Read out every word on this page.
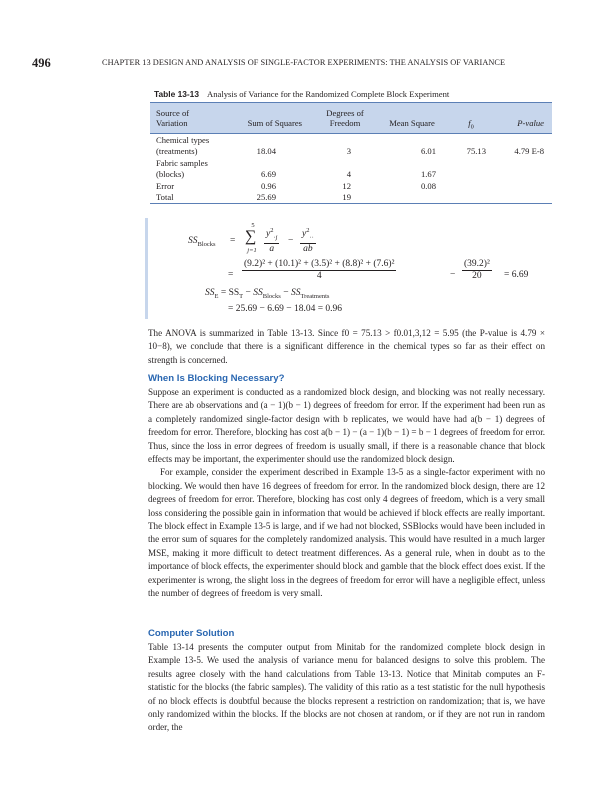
496	CHAPTER 13 DESIGN AND ANALYSIS OF SINGLE-FACTOR EXPERIMENTS: THE ANALYSIS OF VARIANCE
Table 13-13 Analysis of Variance for the Randomized Complete Block Experiment
Source of
Variation	Sum of Squares
Degrees of
Freedom	Mean Square	$f_0$	P-value
Chemical types
(treatments)	18.04	3	6.01	75.13	4.79 E-8
Fabric samples
(blocks)	6.69	4	1.67
Error	0.96	12	0.08
Total	25.69	19
$SS_{Blocks}$ =
5
∑
$j=1 \frac{y^2_{\cdot j}}{a} - \frac{y^2_{\cdot\cdot}}{ab}$
= $\frac{\text{(9.2)² + (10.1)² + (3.5)² + (8.8)² + (7.6)²}}{4}$	− $\frac{\text{(39.2)²}}{20} = 6.69$
$SS_E = SS_T - SS_{Blocks} - SS_{Treatments}$
= 25.69 − 6.69 − 18.04 = 0.96

The ANOVA is summarized in Table 13-13. Since f0 = 75.13 > f0.01,3,12 = 5.95 (the P-value is 4.79 × 10−8), we conclude that there is a significant difference in the chemical types so far as their effect on strength is concerned.

When Is Blocking Necessary?

Suppose an experiment is conducted as a randomized block design, and blocking was not really necessary. There are ab observations and (a − 1)(b − 1) degrees of freedom for error. If the experiment had been run as a completely randomized single-factor design with b replicates, we would have had a(b − 1) degrees of freedom for error. Therefore, blocking has cost a(b − 1) − (a − 1)(b − 1) = b − 1 degrees of freedom for error. Thus, since the loss in error degrees of freedom is usually small, if there is a reasonable chance that block effects may be important, the experimenter should use the randomized block design.

For example, consider the experiment described in Example 13-5 as a single-factor experiment with no blocking. We would then have 16 degrees of freedom for error. In the randomized block design, there are 12 degrees of freedom for error. Therefore, blocking has cost only 4 degrees of freedom, which is a very small loss considering the possible gain in information that would be achieved if block effects are really important. The block effect in Example 13-5 is large, and if we had not blocked, SSBlocks would have been included in the error sum of squares for the completely randomized analysis. This would have resulted in a much larger MSE, making it more difficult to detect treatment differences. As a general rule, when in doubt as to the importance of block effects, the experimenter should block and gamble that the block effect does exist. If the experimenter is wrong, the slight loss in the degrees of freedom for error will have a negligible effect, unless the number of degrees of freedom is very small.

Computer Solution

Table 13-14 presents the computer output from Minitab for the randomized complete block design in Example 13-5. We used the analysis of variance menu for balanced designs to solve this problem. The results agree closely with the hand calculations from Table 13-13. Notice that Minitab computes an F-statistic for the blocks (the fabric samples). The validity of this ratio as a test statistic for the null hypothesis of no block effects is doubtful because the blocks represent a restriction on randomization; that is, we have only randomized within the blocks. If the blocks are not chosen at random, or if they are not run in random order, the
